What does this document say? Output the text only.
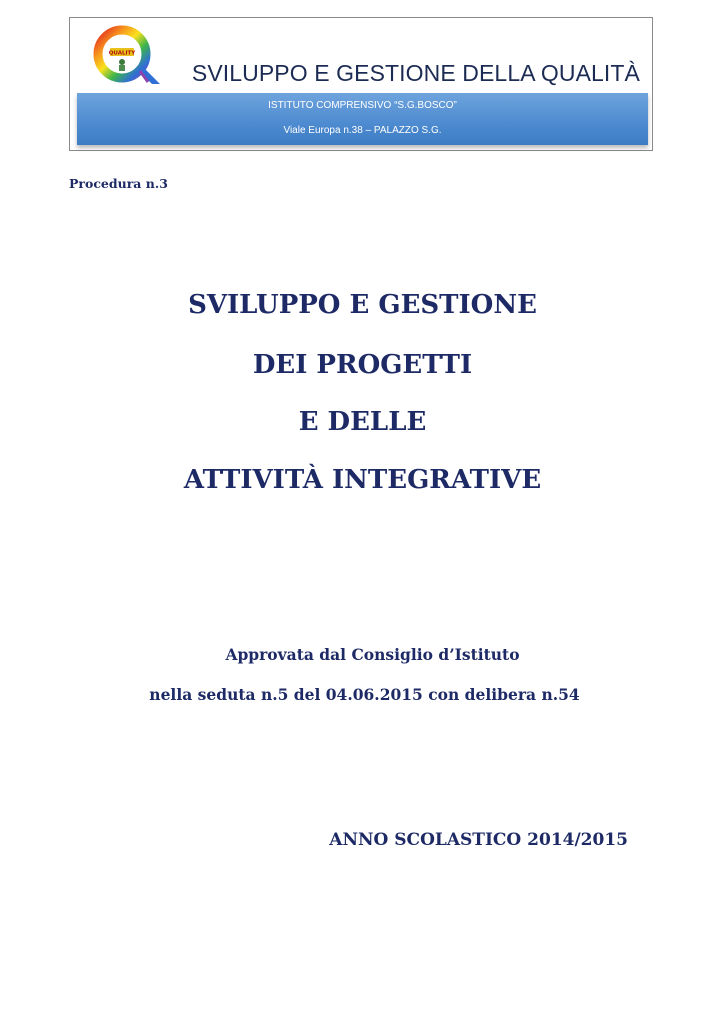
QUALITY
SVILUPPO E GESTIONE DELLA QUALITÀ
ISTITUTO COMPRENSIVO “S.G.BOSCO”
Viale Europa n.38 – PALAZZO S.G.
Procedura n.3
SVILUPPO E GESTIONE
DEI PROGETTI
E DELLE
ATTIVITÀ INTEGRATIVE
Approvata dal Consiglio d’Istituto
nella seduta n.5 del 04.06.2015 con delibera n.54
ANNO SCOLASTICO 2014/2015
